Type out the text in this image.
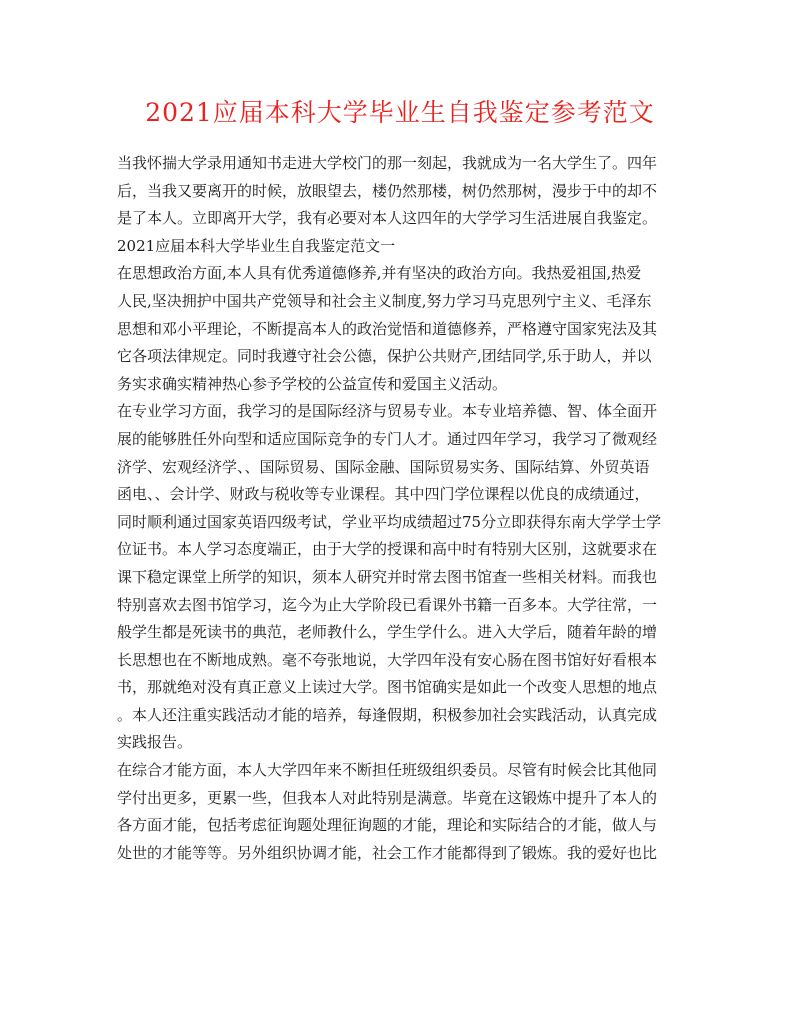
2021应届本科大学毕业生自我鉴定参考范文
当我怀揣大学录用通知书走进大学校门的那一刻起，我就成为一名大学生了。四年
后，当我又要离开的时候，放眼望去，楼仍然那楼，树仍然那树，漫步于中的却不
是了本人。立即离开大学，我有必要对本人这四年的大学学习生活进展自我鉴定。
2021应届本科大学毕业生自我鉴定范文一
在思想政治方面,本人具有优秀道德修养,并有坚决的政治方向。我热爱祖国,热爱
人民,坚决拥护中国共产党领导和社会主义制度,努力学习马克思列宁主义、毛泽东
思想和邓小平理论，不断提高本人的政治觉悟和道德修养，严格遵守国家宪法及其
它各项法律规定。同时我遵守社会公德，保护公共财产,团结同学,乐于助人，并以
务实求确实精神热心参予学校的公益宣传和爱国主义活动。
在专业学习方面，我学习的是国际经济与贸易专业。本专业培养德、智、体全面开
展的能够胜任外向型和适应国际竞争的专门人才。通过四年学习，我学习了微观经
济学、宏观经济学、、国际贸易、国际金融、国际贸易实务、国际结算、外贸英语
函电、、会计学、财政与税收等专业课程。其中四门学位课程以优良的成绩通过，
同时顺利通过国家英语四级考试，学业平均成绩超过75分立即获得东南大学学士学
位证书。本人学习态度端正，由于大学的授课和高中时有特别大区别，这就要求在
课下稳定课堂上所学的知识，须本人研究并时常去图书馆查一些相关材料。而我也
特别喜欢去图书馆学习，迄今为止大学阶段已看课外书籍一百多本。大学往常，一
般学生都是死读书的典范，老师教什么，学生学什么。进入大学后，随着年龄的增
长思想也在不断地成熟。毫不夸张地说，大学四年没有安心肠在图书馆好好看根本
书，那就绝对没有真正意义上读过大学。图书馆确实是如此一个改变人思想的地点
。本人还注重实践活动才能的培养，每逢假期，积极参加社会实践活动，认真完成
实践报告。
在综合才能方面，本人大学四年来不断担任班级组织委员。尽管有时候会比其他同
学付出更多，更累一些，但我本人对此特别是满意。毕竟在这锻炼中提升了本人的
各方面才能，包括考虑征询题处理征询题的才能，理论和实际结合的才能，做人与
处世的才能等等。另外组织协调才能，社会工作才能都得到了锻炼。我的爱好也比
